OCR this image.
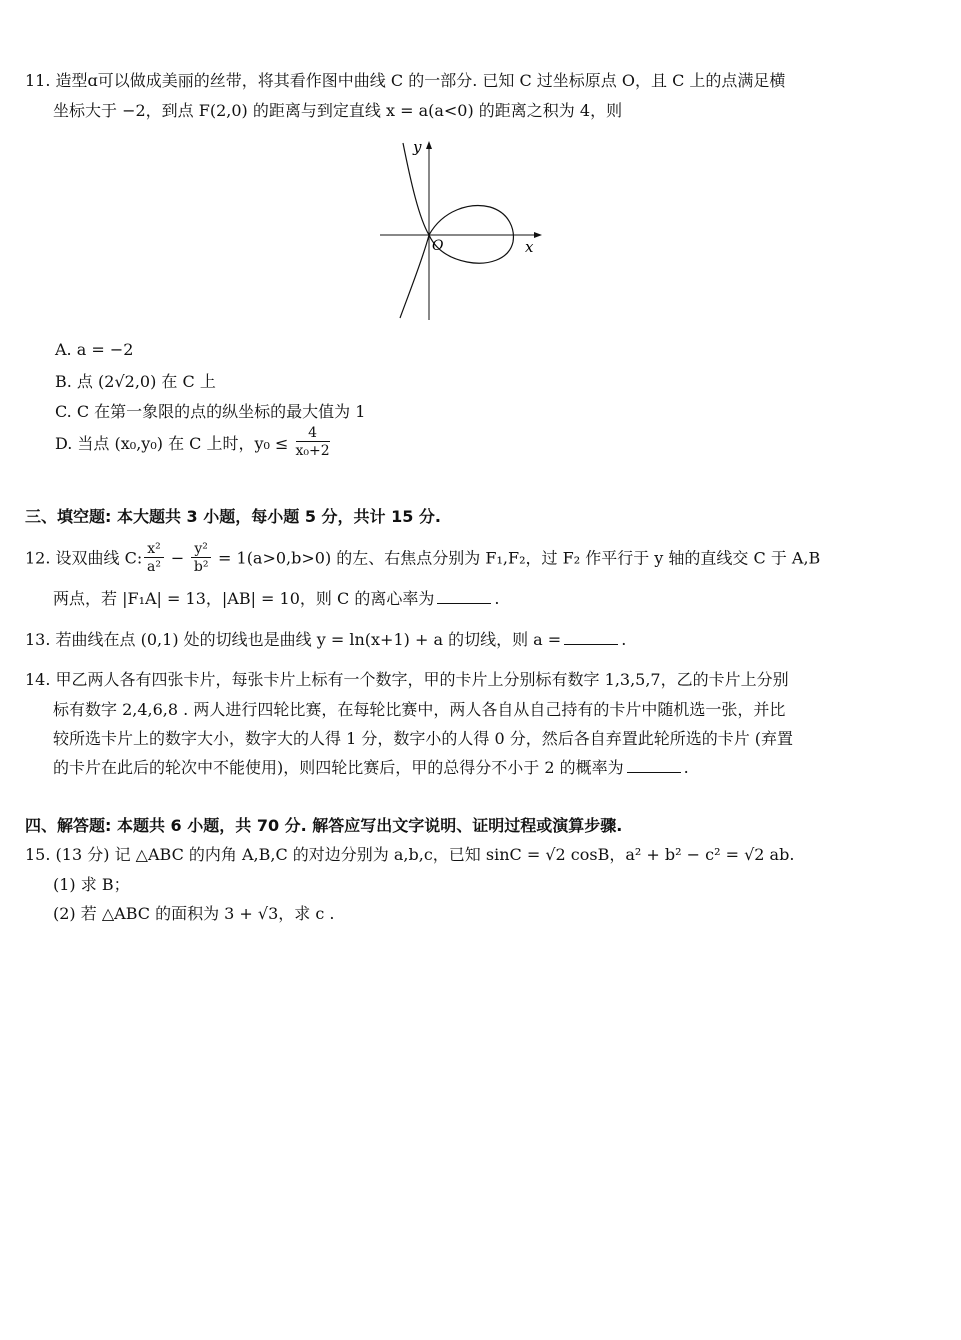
11. 造型ɑ可以做成美丽的丝带，将其看作图中曲线 C 的一部分. 已知 C 过坐标原点 O，且 C 上的点满足横
坐标大于 −2，到点 F(2,0) 的距离与到定直线 x = a(a<0) 的距离之积为 4，则
y
x
O
A. a = −2
B. 点 (2√2,0) 在 C 上
C. C 在第一象限的点的纵坐标的最大值为 1
D. 当点 (x₀,y₀) 在 C 上时，$y_0 \le \frac{4}{\text{x₀+2}}$
三、填空题: 本大题共 3 小题，每小题 5 分，共计 15 分.
12. 设双曲线 C: $\frac{\text{x²}}{\text{a²}} - \frac{\text{y²}}{\text{b²}} = 1(a>0,b>0)$ 的左、右焦点分别为 F₁,F₂，过 F₂ 作平行于 y 轴的直线交 C 于 A,B
两点，若 |F₁A| = 13，|AB| = 10，则 C 的离心率为	.
13. 若曲线在点 (0,1) 处的切线也是曲线 y = ln(x+1) + a 的切线，则 a =	.
14. 甲乙两人各有四张卡片，每张卡片上标有一个数字，甲的卡片上分别标有数字 1,3,5,7，乙的卡片上分别
标有数字 2,4,6,8 . 两人进行四轮比赛，在每轮比赛中，两人各自从自己持有的卡片中随机选一张，并比
较所选卡片上的数字大小，数字大的人得 1 分，数字小的人得 0 分，然后各自弃置此轮所选的卡片 (弃置
的卡片在此后的轮次中不能使用)，则四轮比赛后，甲的总得分不小于 2 的概率为	.
四、解答题: 本题共 6 小题，共 70 分. 解答应写出文字说明、证明过程或演算步骤.
15. (13 分) 记 △ABC 的内角 A,B,C 的对边分别为 a,b,c，已知 sinC = √2 cosB，a² + b² − c² = √2 ab.
(1) 求 B；
(2) 若 △ABC 的面积为 3 + √3，求 c .
